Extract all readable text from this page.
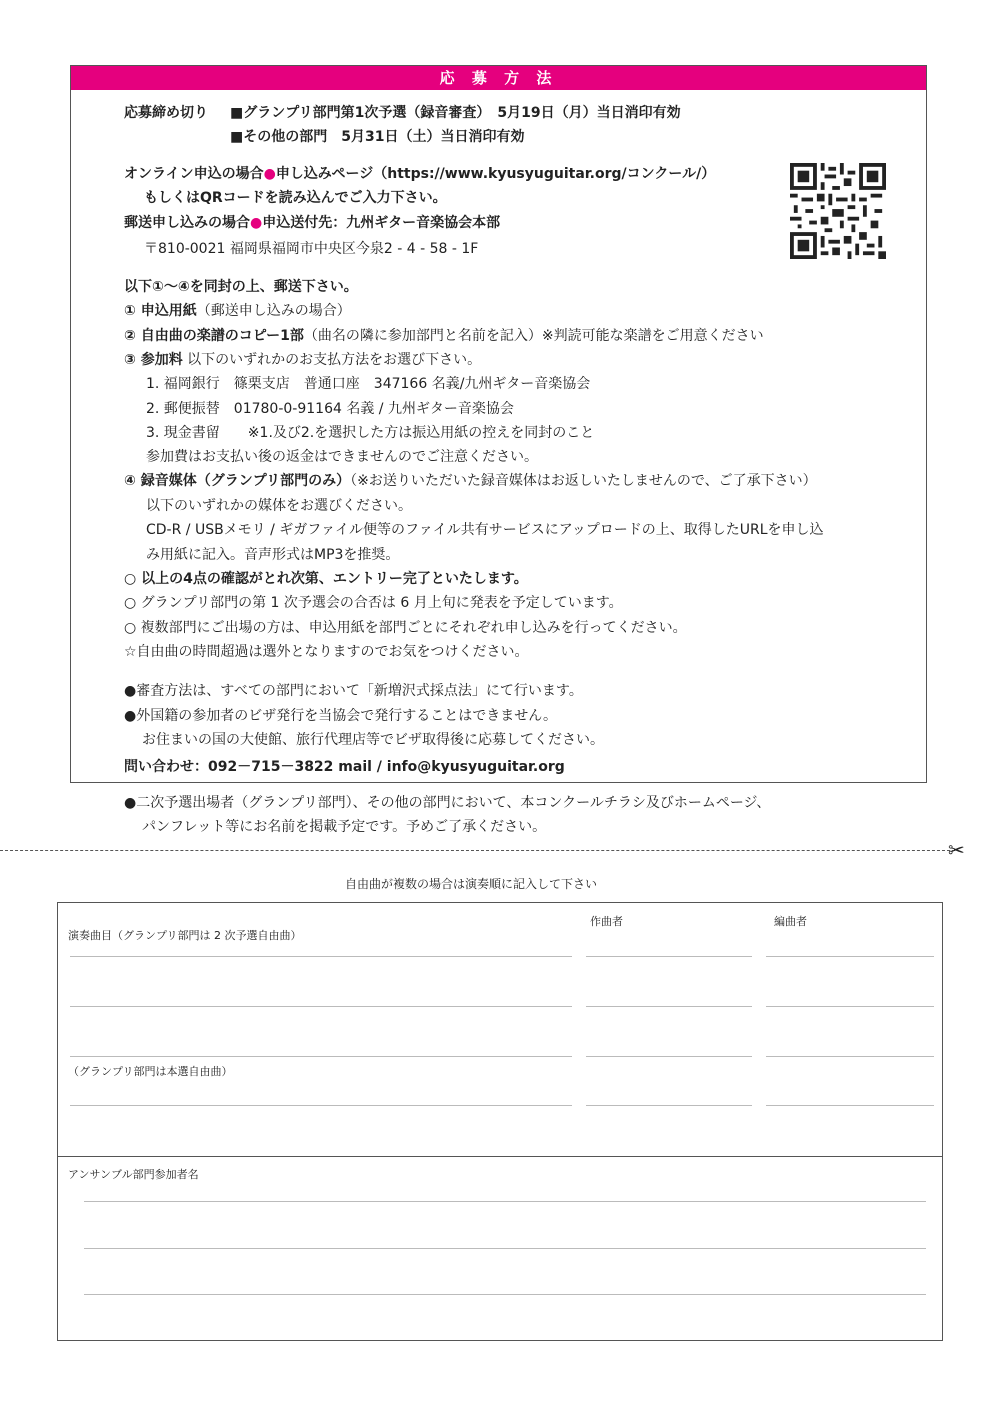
応 募 方 法
応募締め切り ■グランプリ部門第1次予選（録音審査）　5月19日（月）当日消印有効
■その他の部門　5月31日（土）当日消印有効
オンライン申込の場合●申し込みページ（https://www.kyusyuguitar.org/コンクール/）
もしくはQRコードを読み込んでご入力下さい。
郵送申し込みの場合●申込送付先：九州ギター音楽協会本部
〒810-0021 福岡県福岡市中央区今泉2 - 4 - 58 - 1F
以下①〜④を同封の上、郵送下さい。
① 申込用紙（郵送申し込みの場合）
② 自由曲の楽譜のコピー1部（曲名の隣に参加部門と名前を記入）※判読可能な楽譜をご用意ください
③ 参加料 以下のいずれかのお支払方法をお選び下さい。
1. 福岡銀行　篠栗支店　普通口座　347166 名義/九州ギター音楽協会
2. 郵便振替　01780-0-91164 名義 / 九州ギター音楽協会
3. 現金書留　　※1.及び2.を選択した方は振込用紙の控えを同封のこと
参加費はお支払い後の返金はできませんのでご注意ください。
④ 録音媒体（グランプリ部門のみ）（※お送りいただいた録音媒体はお返しいたしませんので、ご了承下さい）
以下のいずれかの媒体をお選びください。
CD-R / USBメモリ / ギガファイル便等のファイル共有サービスにアップロードの上、取得したURLを申し込
み用紙に記入。音声形式はMP3を推奨。
○ 以上の4点の確認がとれ次第、エントリー完了といたします。
○ グランプリ部門の第 1 次予選会の合否は 6 月上旬に発表を予定しています。
○ 複数部門にご出場の方は、申込用紙を部門ごとにそれぞれ申し込みを行ってください。
☆自由曲の時間超過は選外となりますのでお気をつけください。
●審査方法は、すべての部門において「新増沢式採点法」にて行います。
●外国籍の参加者のビザ発行を当協会で発行することはできません。
お住まいの国の大使館、旅行代理店等でビザ取得後に応募してください。
問い合わせ：092－715－3822 mail / info@kyusyuguitar.org
●二次予選出場者（グランプリ部門）、その他の部門において、本コンクールチラシ及びホームページ、
パンフレット等にお名前を掲載予定です。予めご了承ください。
✂
自由曲が複数の場合は演奏順に記入して下さい
演奏曲目（グランプリ部門は 2 次予選自由曲）
作曲者	編曲者
（グランプリ部門は本選自由曲）
アンサンブル部門参加者名
